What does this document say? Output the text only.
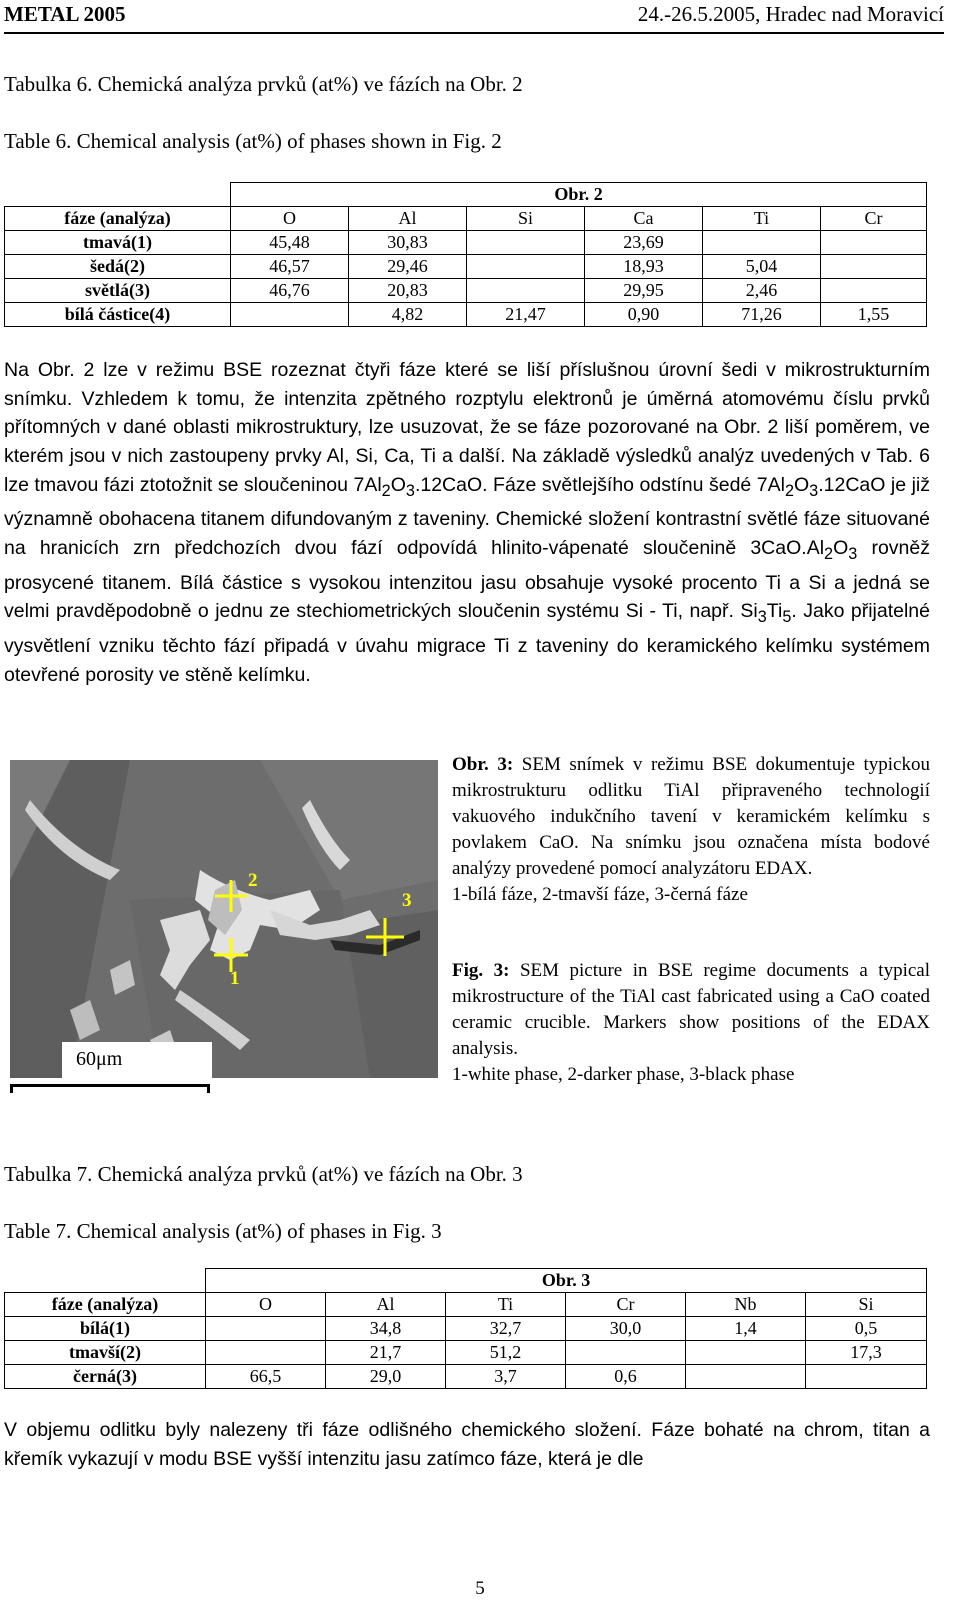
METAL 2005	24.-26.5.2005, Hradec nad Moravicí
Tabulka 6. Chemická analýza prvků (at%) ve fázích na Obr. 2
Table 6. Chemical analysis (at%) of phases shown in Fig. 2
	Obr. 2					
fáze (analýza)	O	Al	Si	Ca	Ti	Cr
tmavá(1)	45,48	30,83		23,69		
šedá(2)	46,57	29,46		18,93	5,04	
světlá(3)	46,76	20,83		29,95	2,46	
bílá částice(4)		4,82	21,47	0,90	71,26	1,55

Na Obr. 2 lze v režimu BSE rozeznat čtyři fáze které se liší příslušnou úrovní šedi v mikrostrukturním snímku. Vzhledem k tomu, že intenzita zpětného rozptylu elektronů je úměrná atomovému číslu prvků přítomných v dané oblasti mikrostruktury, lze usuzovat, že se fáze pozorované na Obr. 2 liší poměrem, ve kterém jsou v nich zastoupeny prvky Al, Si, Ca, Ti a další. Na základě výsledků analýz uvedených v Tab. 6 lze tmavou fázi ztotožnit se sloučeninou $7Al_2O_3.12CaO$. Fáze světlejšího odstínu šedé $7Al_2O_3.12CaO$ je již významně obohacena titanem difundovaným z taveniny. Chemické složení kontrastní světlé fáze situované na hranicích zrn předchozích dvou fází odpovídá hlinito-vápenaté sloučenině $3CaO.Al_2O_3$ rovněž prosycené titanem. Bílá částice s vysokou intenzitou jasu obsahuje vysoké procento Ti a Si a jedná se velmi pravděpodobně o jednu ze stechiometrických sloučenin systému Si - Ti, např. $Si_3Ti_5$. Jako přijatelné vysvětlení vzniku těchto fází připadá v úvahu migrace Ti z taveniny do keramického kelímku systémem otevřené porosity ve stěně kelímku.

2
3
1
60μm

Obr. 3: SEM snímek v režimu BSE dokumentuje typickou mikrostrukturu odlitku TiAl připraveného technologií vakuového indukčního tavení v keramickém kelímku s povlakem CaO. Na snímku jsou označena místa bodové analýzy provedené pomocí analyzátoru EDAX.
1-bílá fáze, 2-tmavší fáze, 3-černá fáze

Fig. 3: SEM picture in BSE regime documents a typical mikrostructure of the TiAl cast fabricated using a CaO coated ceramic crucible. Markers show positions of the EDAX analysis.
1-white phase, 2-darker phase, 3-black phase

Tabulka 7. Chemická analýza prvků (at%) ve fázích na Obr. 3
Table 7. Chemical analysis (at%) of phases in Fig. 3
	Obr. 3					
fáze (analýza)	O	Al	Ti	Cr	Nb	Si
bílá(1)		34,8	32,7	30,0	1,4	0,5
tmavší(2)		21,7	51,2			17,3
černá(3)	66,5	29,0	3,7	0,6		

V objemu odlitku byly nalezeny tři fáze odlišného chemického složení. Fáze bohaté na chrom, titan a křemík vykazují v modu BSE vyšší intenzitu jasu zatímco fáze, která je dle

5
